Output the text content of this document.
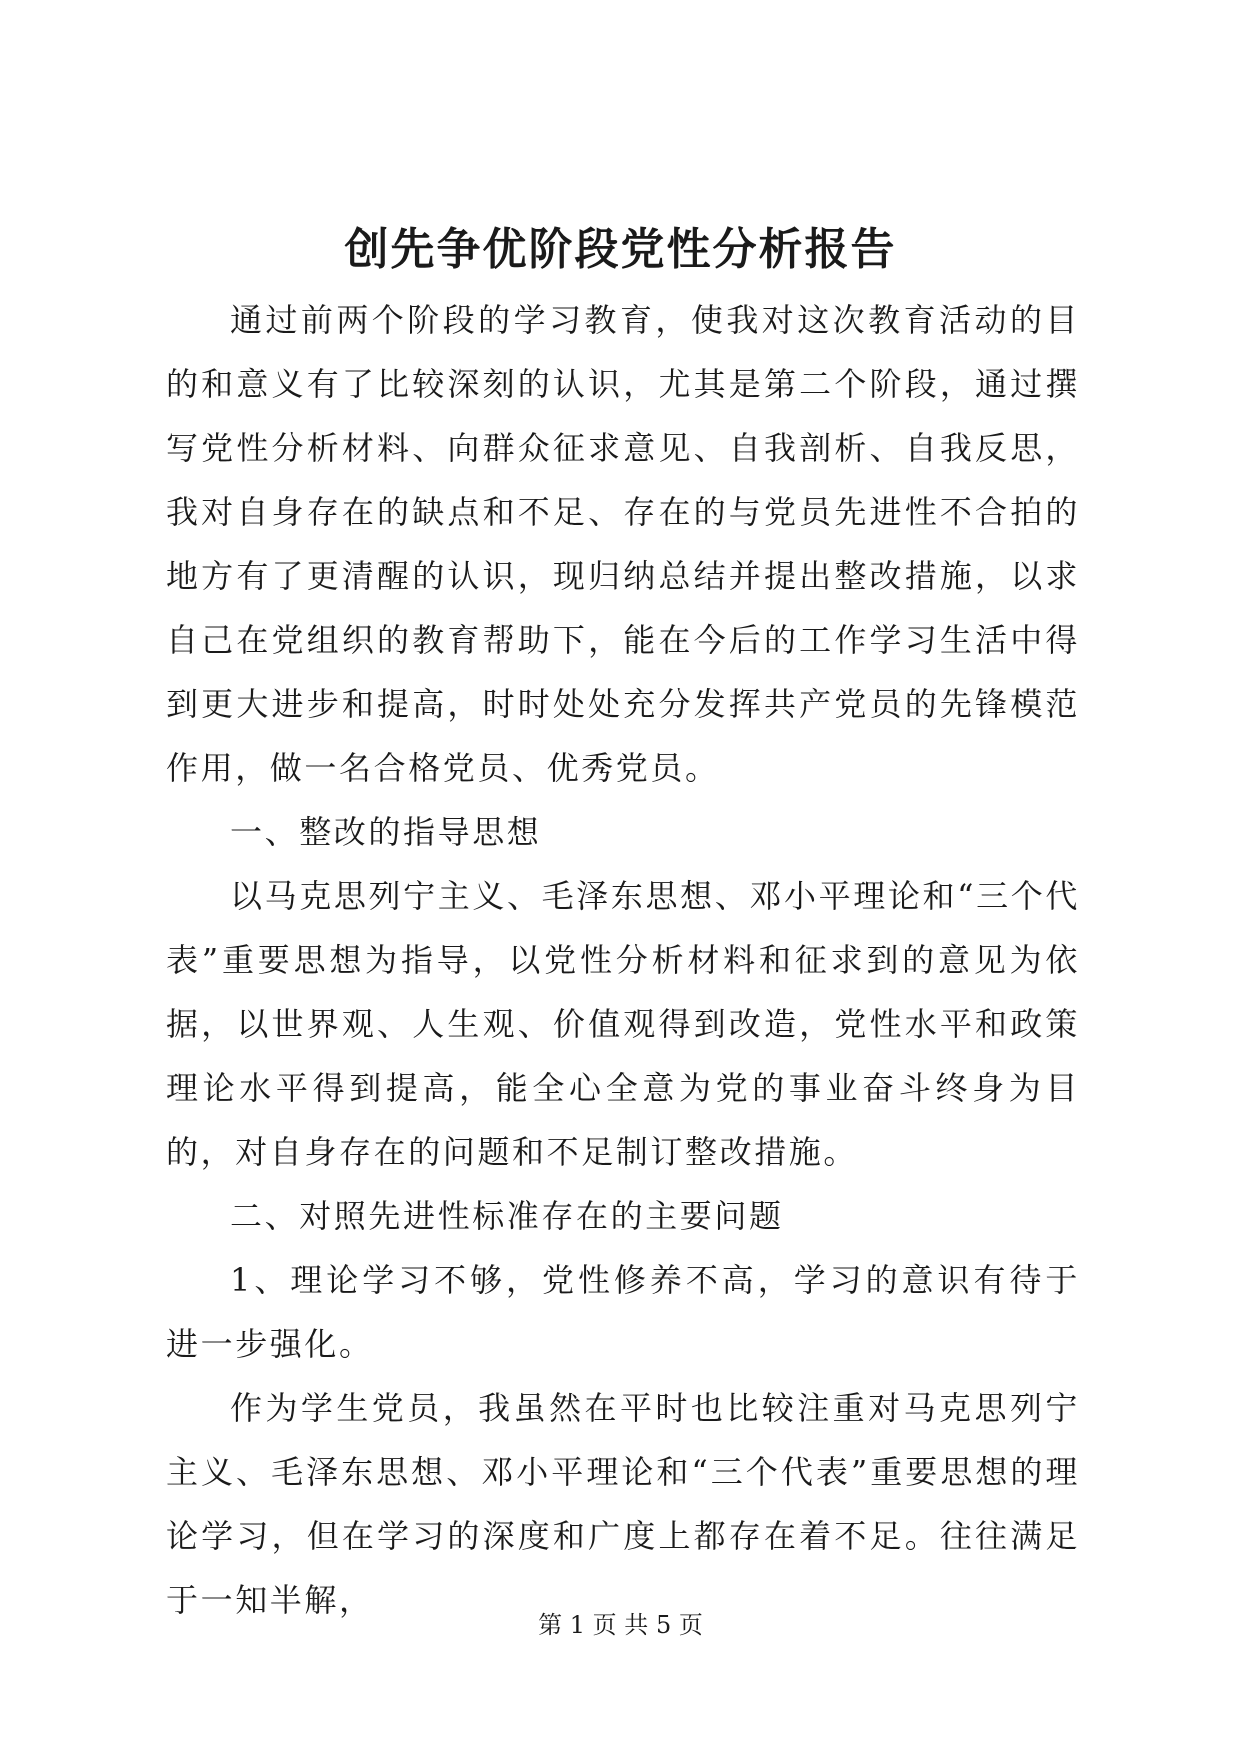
创先争优阶段党性分析报告

通过前两个阶段的学习教育，使我对这次教育活动的目的和意义有了比较深刻的认识，尤其是第二个阶段，通过撰写党性分析材料、向群众征求意见、自我剖析、自我反思，我对自身存在的缺点和不足、存在的与党员先进性不合拍的地方有了更清醒的认识，现归纳总结并提出整改措施，以求自己在党组织的教育帮助下，能在今后的工作学习生活中得到更大进步和提高，时时处处充分发挥共产党员的先锋模范作用，做一名合格党员、优秀党员。

一、整改的指导思想

以马克思列宁主义、毛泽东思想、邓小平理论和“三个代表”重要思想为指导，以党性分析材料和征求到的意见为依据，以世界观、人生观、价值观得到改造，党性水平和政策理论水平得到提高，能全心全意为党的事业奋斗终身为目的，对自身存在的问题和不足制订整改措施。

二、对照先进性标准存在的主要问题

1、理论学习不够，党性修养不高，学习的意识有待于进一步强化。

作为学生党员，我虽然在平时也比较注重对马克思列宁主义、毛泽东思想、邓小平理论和“三个代表”重要思想的理论学习，但在学习的深度和广度上都存在着不足。往往满足于一知半解，

第 1 页 共 5 页
